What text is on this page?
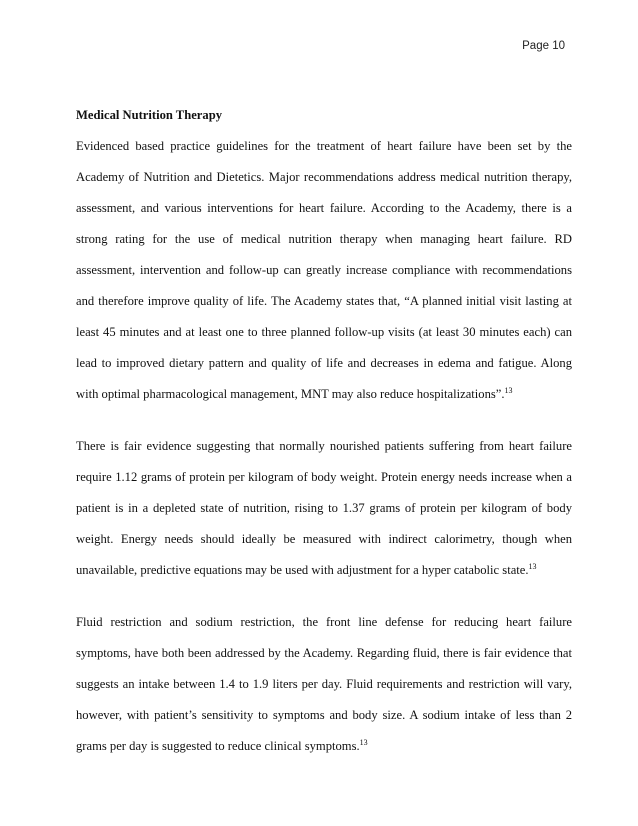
Page 10

Medical Nutrition Therapy

Evidenced based practice guidelines for the treatment of heart failure have been set by the Academy of Nutrition and Dietetics. Major recommendations address medical nutrition therapy, assessment, and various interventions for heart failure. According to the Academy, there is a strong rating for the use of medical nutrition therapy when managing heart failure. RD assessment, intervention and follow-up can greatly increase compliance with recommendations and therefore improve quality of life. The Academy states that, “A planned initial visit lasting at least 45 minutes and at least one to three planned follow-up visits (at least 30 minutes each) can lead to improved dietary pattern and quality of life and decreases in edema and fatigue. Along with optimal pharmacological management, MNT may also reduce hospitalizations”.$^{13}$

There is fair evidence suggesting that normally nourished patients suffering from heart failure require 1.12 grams of protein per kilogram of body weight. Protein energy needs increase when a patient is in a depleted state of nutrition, rising to 1.37 grams of protein per kilogram of body weight. Energy needs should ideally be measured with indirect calorimetry, though when unavailable, predictive equations may be used with adjustment for a hyper catabolic state.$^{13}$

Fluid restriction and sodium restriction, the front line defense for reducing heart failure symptoms, have both been addressed by the Academy. Regarding fluid, there is fair evidence that suggests an intake between 1.4 to 1.9 liters per day. Fluid requirements and restriction will vary, however, with patient’s sensitivity to symptoms and body size. A sodium intake of less than 2 grams per day is suggested to reduce clinical symptoms.$^{13}$
